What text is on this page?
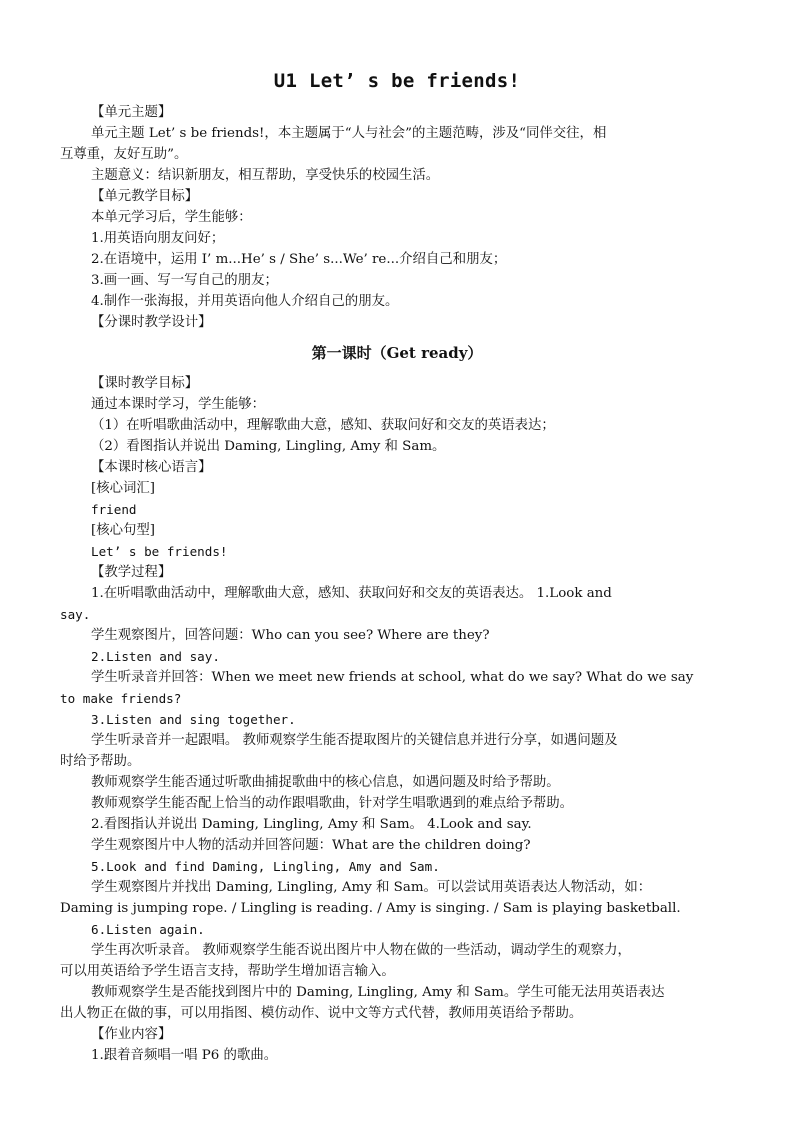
U1 Let’ s be friends!
【单元主题】
单元主题 Let’ s be friends!，本主题属于“人与社会”的主题范畴，涉及“同伴交往，相
互尊重，友好互助”。
主题意义：结识新朋友，相互帮助，享受快乐的校园生活。
【单元教学目标】
本单元学习后，学生能够：
1.用英语向朋友问好；
2.在语境中，运用 I’ m...He’ s / She’ s...We’ re...介绍自己和朋友；
3.画一画、写一写自己的朋友；
4.制作一张海报，并用英语向他人介绍自己的朋友。
【分课时教学设计】
第一课时（Get ready）
【课时教学目标】
通过本课时学习，学生能够：
（1）在听唱歌曲活动中，理解歌曲大意，感知、获取问好和交友的英语表达；
（2）看图指认并说出 Daming, Lingling, Amy 和 Sam。
【本课时核心语言】
[核心词汇]
friend
[核心句型]
Let’ s be friends!
【教学过程】
1.在听唱歌曲活动中，理解歌曲大意，感知、获取问好和交友的英语表达。 1.Look and
say.
学生观察图片，回答问题：Who can you see? Where are they?
2.Listen and say.
学生听录音并回答：When we meet new friends at school, what do we say? What do we say
to make friends?
3.Listen and sing together.
学生听录音并一起跟唱。 教师观察学生能否提取图片的关键信息并进行分享，如遇问题及
时给予帮助。
教师观察学生能否通过听歌曲捕捉歌曲中的核心信息，如遇问题及时给予帮助。
教师观察学生能否配上恰当的动作跟唱歌曲，针对学生唱歌遇到的难点给予帮助。
2.看图指认并说出 Daming, Lingling, Amy 和 Sam。 4.Look and say.
学生观察图片中人物的活动并回答问题：What are the children doing?
5.Look and find Daming, Lingling, Amy and Sam.
学生观察图片并找出 Daming, Lingling, Amy 和 Sam。可以尝试用英语表达人物活动，如：
Daming is jumping rope. / Lingling is reading. / Amy is singing. / Sam is playing basketball.
6.Listen again.
学生再次听录音。 教师观察学生能否说出图片中人物在做的一些活动，调动学生的观察力，
可以用英语给予学生语言支持，帮助学生增加语言输入。
教师观察学生是否能找到图片中的 Daming, Lingling, Amy 和 Sam。学生可能无法用英语表达
出人物正在做的事，可以用指图、模仿动作、说中文等方式代替，教师用英语给予帮助。
【作业内容】
1.跟着音频唱一唱 P6 的歌曲。
